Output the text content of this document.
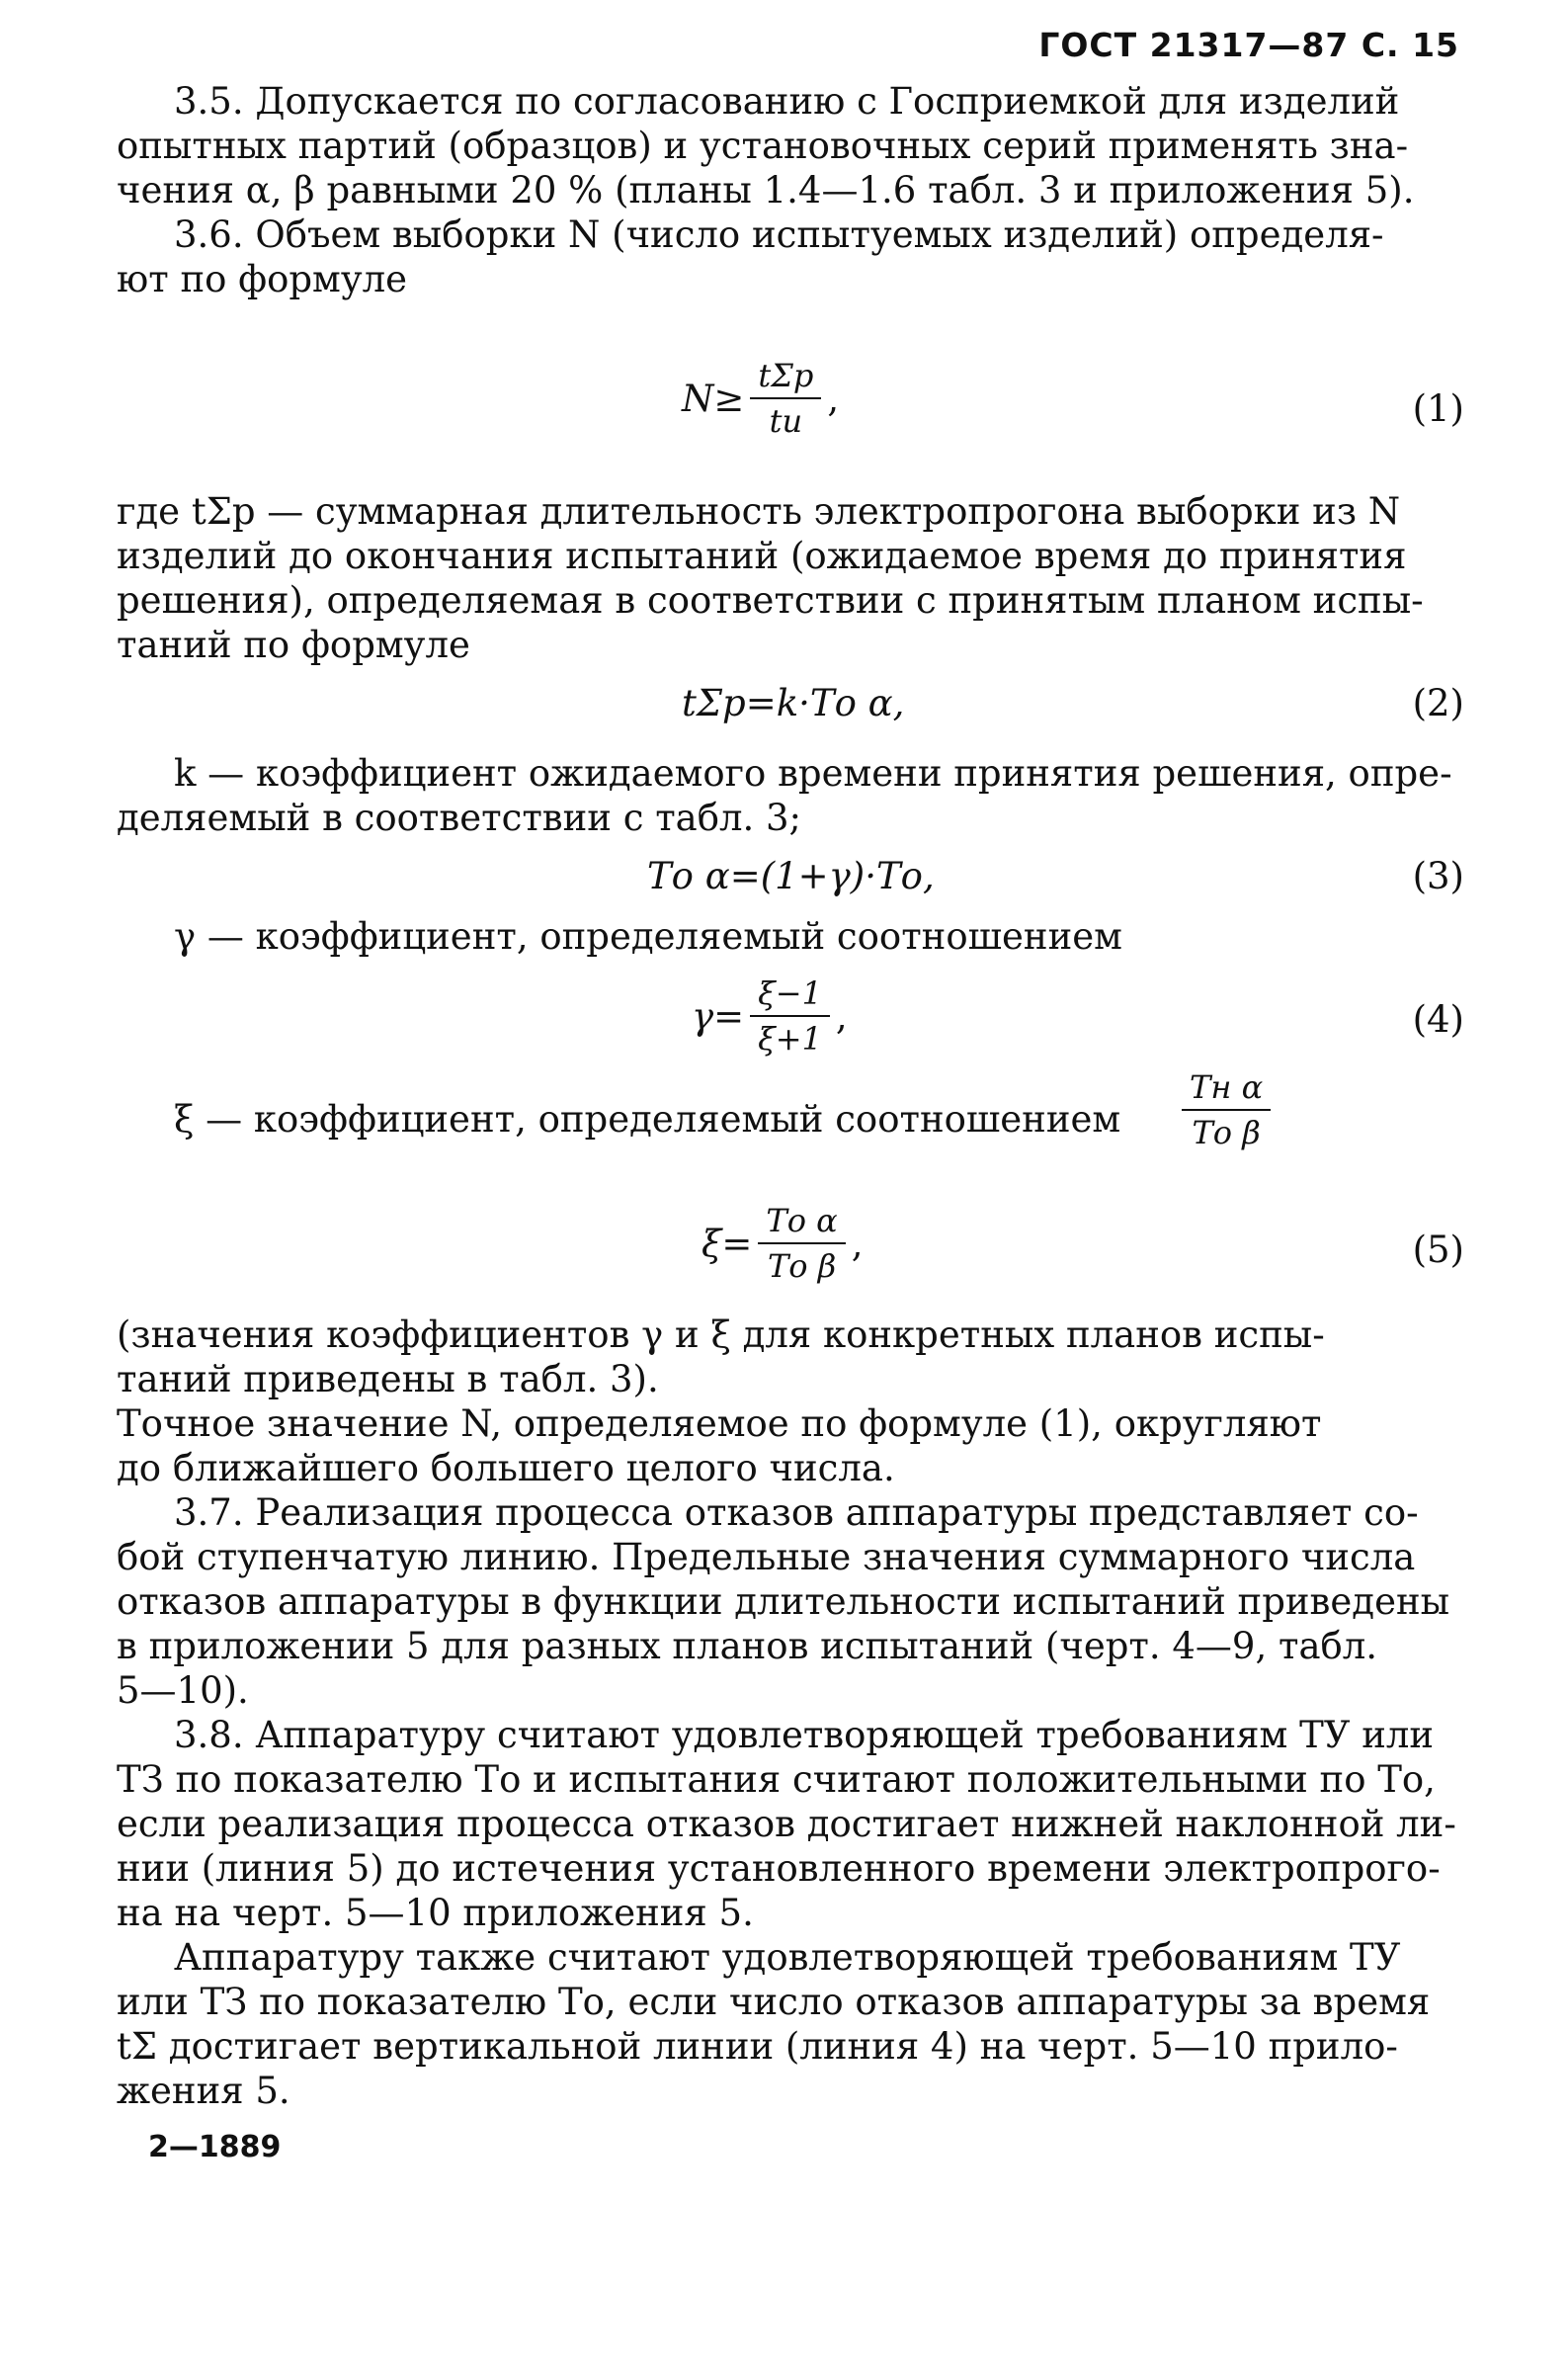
ГОСТ 21317—87 С. 15
3.5. Допускается по согласованию с Госприемкой для изделий
опытных партий (образцов) и установочных серий применять зна-
чения α, β равными 20 % (планы 1.4—1.6 табл. 3 и приложения 5).
3.6. Объем выборки N (число испытуемых изделий) определя-
ют по формуле
$N\ge \frac{\text{tΣp}}{tи}$ ,	(1)
где tΣp — суммарная длительность электропрогона выборки из N
изделий до окончания испытаний (ожидаемое время до принятия
решения), определяемая в соответствии с принятым планом испы-
таний по формуле
tΣp=k·Tо α,	(2)
k — коэффициент ожидаемого времени принятия решения, опре-
деляемый в соответствии с табл. 3;
Tо α=(1+γ)·Tо,	(3)
γ — коэффициент, определяемый соотношением
$\gamma= \frac{\xi-1}{\xi+1}$ ,	(4)
ξ — коэффициент, определяемый соотношением	$\frac{\text{Tн α}}{\text{Tо β}}$
$\xi= \frac{\text{Tо α}}{\text{Tо β}}$ ,	(5)
(значения коэффициентов γ и ξ для конкретных планов испы-
таний приведены в табл. 3).
Точное значение N, определяемое по формуле (1), округляют
до ближайшего большего целого числа.
3.7. Реализация процесса отказов аппаратуры представляет со-
бой ступенчатую линию. Предельные значения суммарного числа
отказов аппаратуры в функции длительности испытаний приведены
в приложении 5 для разных планов испытаний (черт. 4—9, табл.
5—10).
3.8. Аппаратуру считают удовлетворяющей требованиям ТУ или
ТЗ по показателю Tо и испытания считают положительными по Tо,
если реализация процесса отказов достигает нижней наклонной ли-
нии (линия 5) до истечения установленного времени электропрого-
на на черт. 5—10 приложения 5.
Аппаратуру также считают удовлетворяющей требованиям ТУ
или ТЗ по показателю Tо, если число отказов аппаратуры за время
tΣ достигает вертикальной линии (линия 4) на черт. 5—10 прило-
жения 5.
2—1889
